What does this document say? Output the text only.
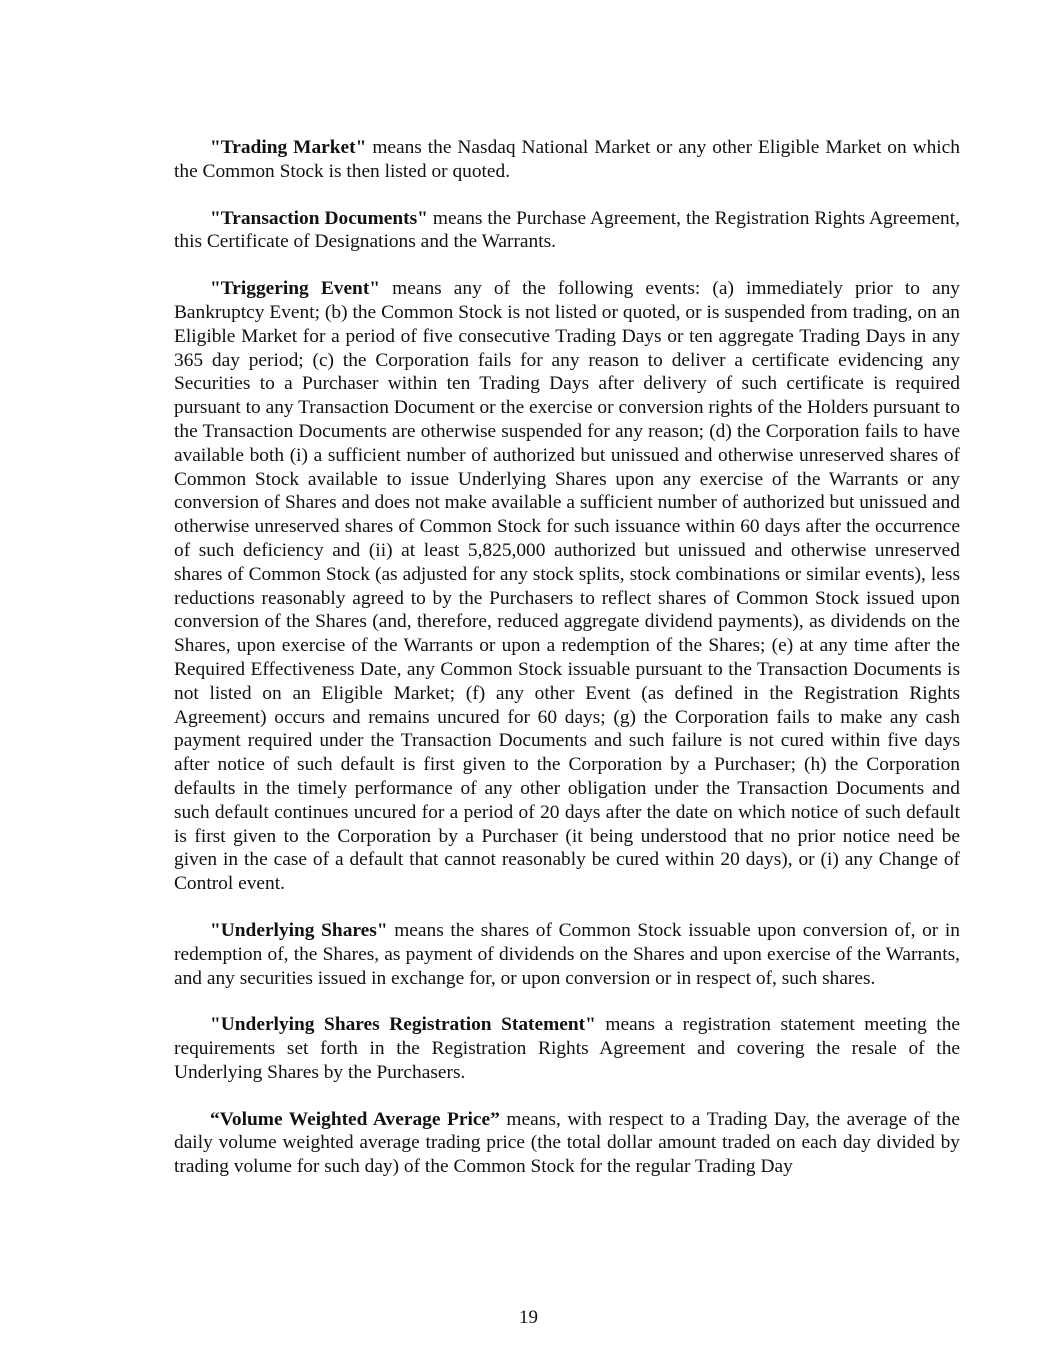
"Trading Market" means the Nasdaq National Market or any other Eligible Market on which the Common Stock is then listed or quoted.

"Transaction Documents" means the Purchase Agreement, the Registration Rights Agreement, this Certificate of Designations and the Warrants.

"Triggering Event" means any of the following events: (a) immediately prior to any Bankruptcy Event; (b) the Common Stock is not listed or quoted, or is suspended from trading, on an Eligible Market for a period of five consecutive Trading Days or ten aggregate Trading Days in any 365 day period; (c) the Corporation fails for any reason to deliver a certificate evidencing any Securities to a Purchaser within ten Trading Days after delivery of such certificate is required pursuant to any Transaction Document or the exercise or conversion rights of the Holders pursuant to the Transaction Documents are otherwise suspended for any reason; (d) the Corporation fails to have available both (i) a sufficient number of authorized but unissued and otherwise unreserved shares of Common Stock available to issue Underlying Shares upon any exercise of the Warrants or any conversion of Shares and does not make available a sufficient number of authorized but unissued and otherwise unreserved shares of Common Stock for such issuance within 60 days after the occurrence of such deficiency and (ii) at least 5,825,000 authorized but unissued and otherwise unreserved shares of Common Stock (as adjusted for any stock splits, stock combinations or similar events), less reductions reasonably agreed to by the Purchasers to reflect shares of Common Stock issued upon conversion of the Shares (and, therefore, reduced aggregate dividend payments), as dividends on the Shares, upon exercise of the Warrants or upon a redemption of the Shares; (e) at any time after the Required Effectiveness Date, any Common Stock issuable pursuant to the Transaction Documents is not listed on an Eligible Market; (f) any other Event (as defined in the Registration Rights Agreement) occurs and remains uncured for 60 days; (g) the Corporation fails to make any cash payment required under the Transaction Documents and such failure is not cured within five days after notice of such default is first given to the Corporation by a Purchaser; (h) the Corporation defaults in the timely performance of any other obligation under the Transaction Documents and such default continues uncured for a period of 20 days after the date on which notice of such default is first given to the Corporation by a Purchaser (it being understood that no prior notice need be given in the case of a default that cannot reasonably be cured within 20 days), or (i) any Change of Control event.

"Underlying Shares" means the shares of Common Stock issuable upon conversion of, or in redemption of, the Shares, as payment of dividends on the Shares and upon exercise of the Warrants, and any securities issued in exchange for, or upon conversion or in respect of, such shares.

"Underlying Shares Registration Statement" means a registration statement meeting the requirements set forth in the Registration Rights Agreement and covering the resale of the Underlying Shares by the Purchasers.

“Volume Weighted Average Price” means, with respect to a Trading Day, the average of the daily volume weighted average trading price (the total dollar amount traded on each day divided by trading volume for such day) of the Common Stock for the regular Trading Day

19
